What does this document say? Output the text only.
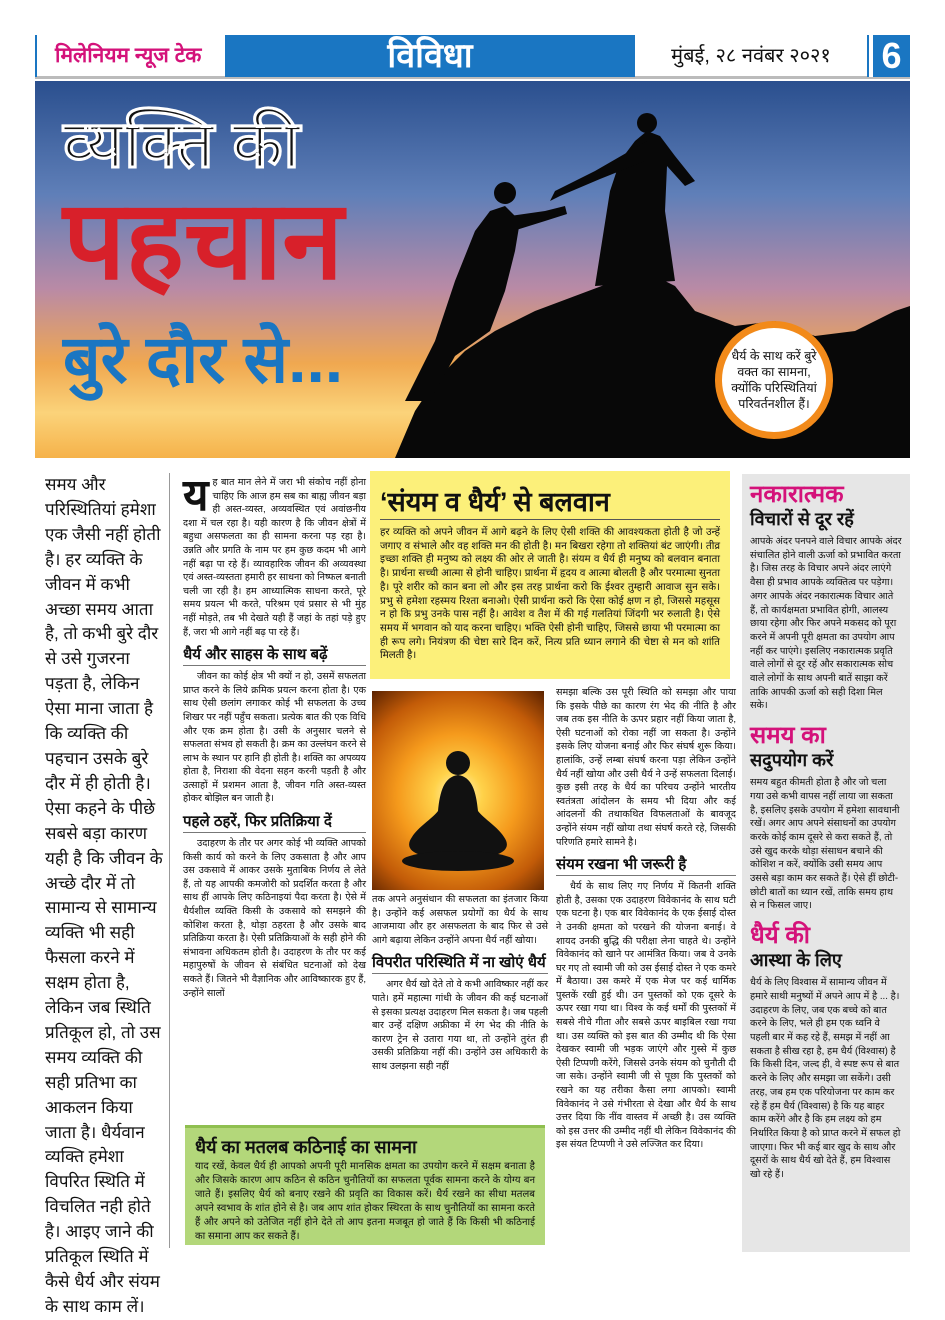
मिलेनियम न्यूज टेक	विविधा	मुंबई, २८ नवंबर २०२१	6
व्यक्ति की
पहचान
बुरे दौर से...	धैर्य के साथ करें बुरे वक्त का सामना, क्योंकि परिस्थितियां परिवर्तनशील हैं।
समय और परिस्थितियां हमेशा एक जैसी नहीं होती है। हर व्यक्ति के जीवन में कभी अच्छा समय आता है, तो कभी बुरे दौर से उसे गुजरना पड़ता है, लेकिन ऐसा माना जाता है कि व्यक्ति की पहचान उसके बुरे दौर में ही होती है। ऐसा कहने के पीछे सबसे बड़ा कारण यही है कि जीवन के अच्छे दौर में तो सामान्य से सामान्य व्यक्ति भी सही फैसला करने में सक्षम होता है, लेकिन जब स्थिति प्रतिकूल हो, तो उस समय व्यक्ति की सही प्रतिभा का आकलन किया जाता है। धैर्यवान व्यक्ति हमेशा विपरित स्थिति में विचलित नही होते है। आइए जाने की प्रतिकूल स्थिति में कैसे धैर्य और संयम के साथ काम लें।

यह बात मान लेने में जरा भी संकोच नहीं होना चाहिए कि आज हम सब का बाह्य जीवन बड़ा ही अस्त-व्यस्त, अव्यवस्थित एवं अवांछनीय दशा में चल रहा है। यही कारण है कि जीवन क्षेत्रों में बहुधा असफलता का ही सामना करना पड़ रहा है। उन्नति और प्रगति के नाम पर हम कुछ कदम भी आगे नहीं बढ़ा पा रहे हैं। व्यावहारिक जीवन की अव्यवस्था एवं अस्त-व्यस्तता हमारी हर साधना को निष्फल बनाती चली जा रही है। हम आध्यात्मिक साधना करते, पूरे समय प्रयत्न भी करते, परिश्रम एवं प्रसार से भी मुंह नहीं मोड़ते, तब भी देखते यही हैं जहां के तहां पड़े हुए हैं, जरा भी आगे नहीं बढ़ पा रहे हैं।

धैर्य और साहस के साथ बढ़ें

जीवन का कोई क्षेत्र भी क्यों न हो, उसमें सफलता प्राप्त करने के लिये क्रमिक प्रयत्न करना होता है। एक साथ ऐसी छलांग लगाकर कोई भी सफलता के उच्च शिखर पर नहीं पहुँच सकता। प्रत्येक बात की एक विधि और एक क्रम होता है। उसी के अनुसार चलने से सफलता संभव हो सकती है। क्रम का उल्लंघन करने से लाभ के स्थान पर हानि ही होती है। शक्ति का अपव्यय होता है, निराशा की वेदना सहन करनी पड़ती है और उत्साहों में प्रशमन आता है, जीवन गति अस्त-व्यस्त होकर बोझिल बन जाती है।

पहले ठहरें, फिर प्रतिक्रिया दें

उदाहरण के तौर पर अगर कोई भी व्यक्ति आपको किसी कार्य को करने के लिए उकसाता है और आप उस उकसावे में आकर उसके मुताबिक निर्णय ले लेते हैं, तो यह आपकी कमजोरी को प्रदर्शित करता है और साथ हीं आपके लिए कठिनाइयां पैदा करता है। ऐसे में धैर्यशील व्यक्ति किसी के उकसावे को समझने की कोशिश करता है, थोड़ा ठहरता है और उसके बाद प्रतिक्रिया करता है। ऐसी प्रतिक्रियाओं के सही होने की संभावना अधिकतम होती है। उदाहरण के तौर पर कई महापुरुषों के जीवन से संबंधित घटनाओं को देख सकते हैं। जितने भी वैज्ञानिक और आविष्कारक हुए हैं, उन्होंने सालों

‘संयम व धैर्य’ से बलवान

हर व्यक्ति को अपने जीवन में आगे बढ़ने के लिए ऐसी शक्ति की आवश्यकता होती है जो उन्हें जगाए व संभाले और वह शक्ति मन की होती है। मन बिखरा रहेगा तो शक्तियां बंट जाएंगी। तीव्र इच्छा शक्ति ही मनुष्य को लक्ष्य की ओर ले जाती है। संयम व धैर्य ही मनुष्य को बलवान बनाता है। प्रार्थना सच्ची आत्मा से होनी चाहिए। प्रार्थना में हृदय व आत्मा बोलती है और परमात्मा सुनता है। पूरे शरीर को कान बना लो और इस तरह प्रार्थना करो कि ईश्वर तुम्हारी आवाज सुन सके। प्रभु से हमेशा रहस्मय रिश्ता बनाओ। ऐसी प्रार्थना करो कि ऐसा कोई क्षण न हो, जिससे महसूस न हो कि प्रभु उनके पास नहीं है। आवेश व तैश में की गई गलतियां जिंदगी भर रुलाती है। ऐसे समय में भगवान को याद करना चाहिए। भक्ति ऐसी होनी चाहिए, जिससे छाया भी परमात्मा का ही रूप लगे। नियंत्रण की चेष्टा सारे दिन करें, नित्य प्रति ध्यान लगाने की चेष्टा से मन को शांति मिलती है।

तक अपने अनुसंधान की सफलता का इंतजार किया है। उन्होंने कई असफल प्रयोगों का धैर्य के साथ आजमाया और हर असफलता के बाद फिर से उसे आगे बढ़ाया लेकिन उन्होंने अपना धैर्य नहीं खोया।

विपरीत परिस्थिति में ना खोएं धैर्य

अगर धैर्य खो देते तो वे कभी आविष्कार नहीं कर पाते। हमें महात्मा गांधी के जीवन की कई घटनाओं से इसका प्रत्यक्ष उदाहरण मिल सकता है। जब पहली बार उन्हें दक्षिण अफ्रीका में रंग भेद की नीति के कारण ट्रेन से उतारा गया था, तो उन्होंने तुरंत ही उसकी प्रतिक्रिया नहीं की। उन्होंने उस अधिकारी के साथ उलझना सही नहीं

समझा बल्कि उस पूरी स्थिति को समझा और पाया कि इसके पीछे का कारण रंग भेद की नीति है और जब तक इस नीति के ऊपर प्रहार नहीं किया जाता है, ऐसी घटनाओं को रोका नहीं जा सकता है। उन्होंने इसके लिए योजना बनाई और फिर संघर्ष शुरू किया। हालांकि, उन्हें लम्बा संघर्ष करना पड़ा लेकिन उन्होंने धैर्य नहीं खोया और उसी धैर्य ने उन्हें सफलता दिलाई। कुछ इसी तरह के धैर्य का परिचय उन्होंने भारतीय स्वतंत्रता आंदोलन के समय भी दिया और कई आंदलनों की तथाकथित विफलताओं के बावजूद उन्होंने संयम नहीं खोया तथा संघर्ष करते रहे, जिसकी परिणति हमारे सामने है।

संयम रखना भी जरूरी है

धैर्य के साथ लिए गए निर्णय में कितनी शक्ति होती है, उसका एक उदाहरण विवेकानंद के साथ घटी एक घटना है। एक बार विवेकानंद के एक ईसाई दोस्त ने उनकी क्षमता को परखने की योजना बनाई। वे शायद उनकी बुद्धि की परीक्षा लेना चाहते थे। उन्होंने विवेकानंद को खाने पर आमंत्रित किया। जब वे उनके घर गए तो स्वामी जी को उस ईसाई दोस्त ने एक कमरे में बैठाया। उस कमरे में एक मेज पर कई धार्मिक पुस्तकें रखी हुई थी। उन पुस्तकों को एक दूसरे के ऊपर रखा गया था। विश्व के कई धर्मों की पुस्तकों में सबसे नीचे गीता और सबसे ऊपर बाइबिल रखा गया था। उस व्यक्ति को इस बात की उम्मीद थी कि ऐसा देखकर स्वामी जी भड़क जाएंगे और गुस्से में कुछ ऐसी टिप्पणी करेंगे, जिससे उनके संयम को चुनौती दी जा सके। उन्होंने स्वामी जी से पूछा कि पुस्तकों को रखने का यह तरीका कैसा लगा आपको। स्वामी विवेकानंद ने उसे गंभीरता से देखा और धैर्य के साथ उत्तर दिया कि नींव वास्तव में अच्छी है। उस व्यक्ति को इस उत्तर की उम्मीद नहीं थी लेकिन विवेकानंद की इस संयत टिप्पणी ने उसे लज्जित कर दिया।

धैर्य का मतलब कठिनाई का सामना

याद रखें, केवल धैर्य ही आपको अपनी पूरी मानसिक क्षमता का उपयोग करने में सक्षम बनाता है और जिसके कारण आप कठिन से कठिन चुनौतियों का सफलता पूर्वक सामना करने के योग्य बन जाते हैं। इसलिए धैर्य को बनाए रखने की प्रवृति का विकास करें। धैर्य रखने का सीधा मतलब अपने स्वभाव के शांत होने से है। जब आप शांत होकर स्थिरता के साथ चुनौतियों का सामना करते हैं और अपने को उतेजित नहीं होने देते तो आप इतना मजबूत हो जाते हैं कि किसी भी कठिनाई का समाना आप कर सकते हैं।

नकारात्मक
विचारों से दूर रहें

आपके अंदर पनपने वाले विचार आपके अंदर संचालित होने वाली ऊर्जा को प्रभावित करता है। जिस तरह के विचार अपने अंदर लाएंगे वैसा ही प्रभाव आपके व्यक्तित्व पर पड़ेगा। अगर आपके अंदर नकारात्मक विचार आते हैं, तो कार्यक्षमता प्रभावित होगी, आलस्य छाया रहेगा और फिर अपने मकसद को पूरा करने में अपनी पूरी क्षमता का उपयोग आप नहीं कर पाएंगे। इसलिए नकारात्मक प्रवृति वाले लोगों से दूर रहें और सकारात्मक सोच वाले लोगों के साथ अपनी बातें साझा करें ताकि आपकी ऊर्जा को सही दिशा मिल सके।

समय का
सदुपयोग करें

समय बहुत कीमती होता है और जो चला गया उसे कभी वापस नहीं लाया जा सकता है, इसलिए इसके उपयोग में हमेशा सावधानी रखें। अगर आप अपने संसाधनों का उपयोग करके कोई काम दूसरे से करा सकते हैं, तो उसे खुद करके थोड़ा संसाधन बचाने की कोशिश न करें, क्योंकि उसी समय आप उससे बड़ा काम कर सकते हैं। ऐसे हीं छोटी-छोटी बातों का ध्यान रखें, ताकि समय हाथ से न फिसल जाए।

धैर्य की
आस्था के लिए

धैर्य के लिए विश्वास में सामान्य जीवन में हमारे साथी मनुष्यों में अपने आप में है ... है। उदाहरण के लिए, जब एक बच्चे को बात करने के लिए, भले ही हम एक ध्वनि वे पहली बार में कह रहे हैं, समझ में नहीं आ सकता है सीख रहा है, हम धैर्य (विश्वास) है कि किसी दिन, जल्द ही, वे स्पष्ट रूप से बात करने के लिए और समझा जा सकेंगे। उसी तरह, जब हम एक परियोजना पर काम कर रहे हैं हम धैर्य (विश्वास) है कि यह बाहर काम करेंगे और है कि हम लक्ष्य को हम निर्धारित किया है को प्राप्त करने में सफल हो जाएगा। फिर भी कई बार खुद के साथ और दूसरों के साथ धैर्य खो देते हैं, हम विश्वास खो रहे हैं।
